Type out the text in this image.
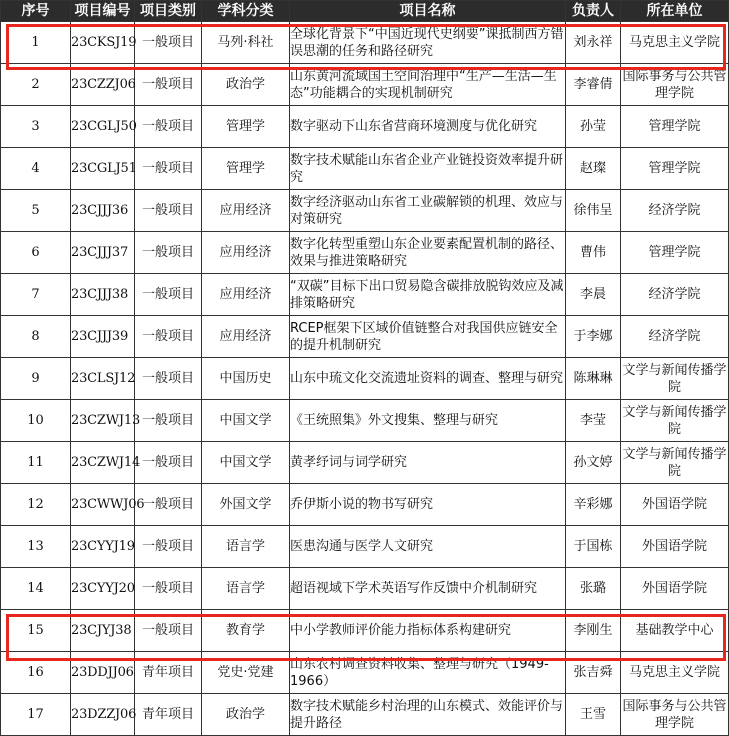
序号	项目编号	项目类别	学科分类	项目名称	负责人	所在单位
1	23CKSJ19	一般项目	马列·科社	全球化背景下“中国近现代史纲要”课抵制西方错误思潮的任务和路径研究	刘永祥	马克思主义学院
2	23CZZJ06	一般项目	政治学	山东黄河流域国土空间治理中“生产—生活—生态”功能耦合的实现机制研究	李睿倩	国际事务与公共管理学院
3	23CGLJ50	一般项目	管理学	数字驱动下山东省营商环境测度与优化研究	孙莹	管理学院
4	23CGLJ51	一般项目	管理学	数字技术赋能山东省企业产业链投资效率提升研究	赵璨	管理学院
5	23CJJJ36	一般项目	应用经济	数字经济驱动山东省工业碳解锁的机理、效应与对策研究	徐伟呈	经济学院
6	23CJJJ37	一般项目	应用经济	数字化转型重塑山东企业要素配置机制的路径、效果与推进策略研究	曹伟	管理学院
7	23CJJJ38	一般项目	应用经济	“双碳”目标下出口贸易隐含碳排放脱钩效应及减排策略研究	李晨	经济学院
8	23CJJJ39	一般项目	应用经济	RCEP框架下区域价值链整合对我国供应链安全的提升机制研究	于李娜	经济学院
9	23CLSJ12	一般项目	中国历史	山东中琉文化交流遗址资料的调查、整理与研究	陈琳琳	文学与新闻传播学院
10	23CZWJ13	一般项目	中国文学	《王统照集》外文搜集、整理与研究	李莹	文学与新闻传播学院
11	23CZWJ14	一般项目	中国文学	黄孝纾词与词学研究	孙文婷	文学与新闻传播学院
12	23CWWJ06	一般项目	外国文学	乔伊斯小说的物书写研究	辛彩娜	外国语学院
13	23CYYJ19	一般项目	语言学	医患沟通与医学人文研究	于国栋	外国语学院
14	23CYYJ20	一般项目	语言学	超语视域下学术英语写作反馈中介机制研究	张璐	外国语学院
15	23CJYJ38	一般项目	教育学	中小学教师评价能力指标体系构建研究	李刚生	基础教学中心
16	23DDJJ06	青年项目	党史·党建	山东农村调查资料收集、整理与研究（1949-1966）	张吉舜	马克思主义学院
17	23DZZJ06	青年项目	政治学	数字技术赋能乡村治理的山东模式、效能评价与提升路径	王雪	国际事务与公共管理学院
